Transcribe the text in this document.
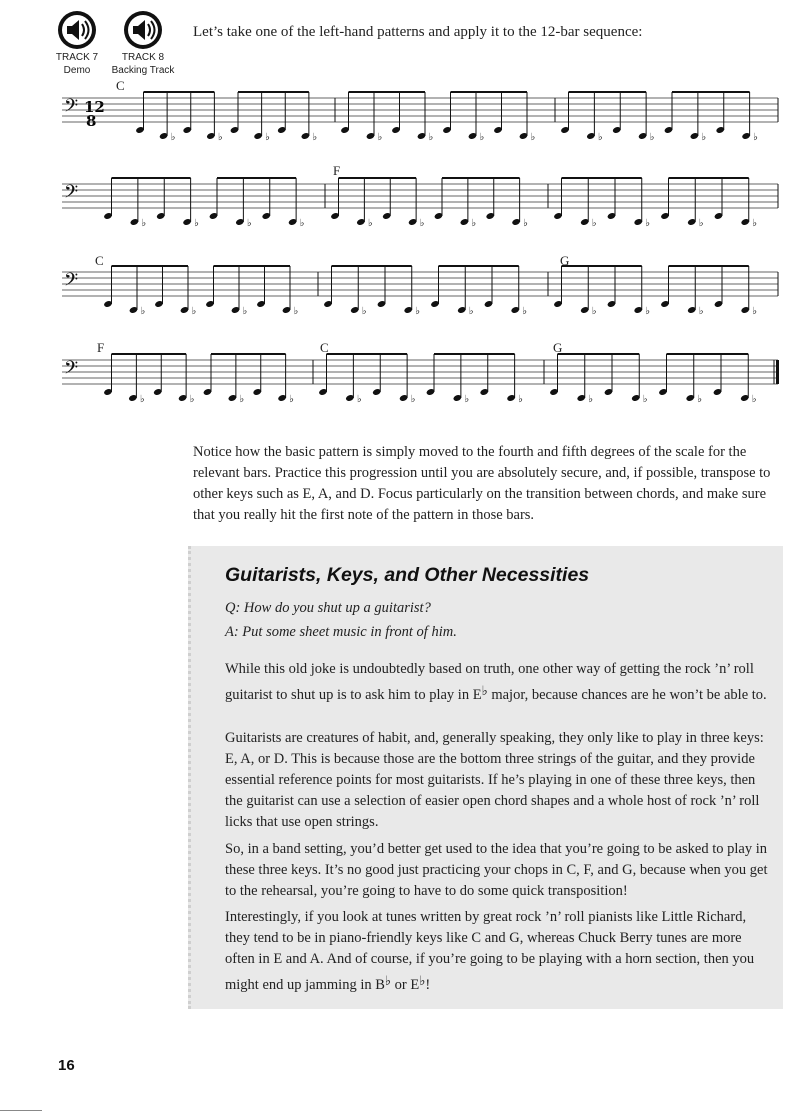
TRACK 7
Demo
TRACK 8
Backing Track
Let’s take one of the left-hand patterns and apply it to the 12-bar sequence:
C
F
C	G
F	C	G
12
8
𝄢
♭	♭	♭	♭	♭	♭	♭	♭	♭	♭	♭	♭
𝄢
♭	♭	♭	♭	♭	♭	♭	♭	♭	♭	♭	♭
𝄢
♭	♭	♭	♭	♭	♭	♭	♭	♭	♭	♭	♭
𝄢
♭	♭	♭	♭	♭	♭	♭	♭	♭	♭	♭	♭
Notice how the basic pattern is simply moved to the fourth and fifth degrees of the scale for the relevant bars. Practice this progression until you are absolutely secure, and, if possible, transpose to other keys such as E, A, and D. Focus particularly on the transition between chords, and make sure that you really hit the first note of the pattern in those bars.
Guitarists, Keys, and Other Necessities
Q: How do you shut up a guitarist?
A: Put some sheet music in front of him.
While this old joke is undoubtedly based on truth, one other way of getting the rock ’n’ roll guitarist to shut up is to ask him to play in E♭ major, because chances are he won’t be able to.
Guitarists are creatures of habit, and, generally speaking, they only like to play in three keys: E, A, or D. This is because those are the bottom three strings of the guitar, and they provide essential reference points for most guitarists. If he’s playing in one of these three keys, then the guitarist can use a selection of easier open chord shapes and a whole host of rock ’n’ roll licks that use open strings.
So, in a band setting, you’d better get used to the idea that you’re going to be asked to play in these three keys. It’s no good just practicing your chops in C, F, and G, because when you get to the rehearsal, you’re going to have to do some quick transposition!
Interestingly, if you look at tunes written by great rock ’n’ roll pianists like Little Richard, they tend to be in piano-friendly keys like C and G, whereas Chuck Berry tunes are more often in E and A. And of course, if you’re going to be playing with a horn section, then you might end up jamming in B♭ or E♭!
16
